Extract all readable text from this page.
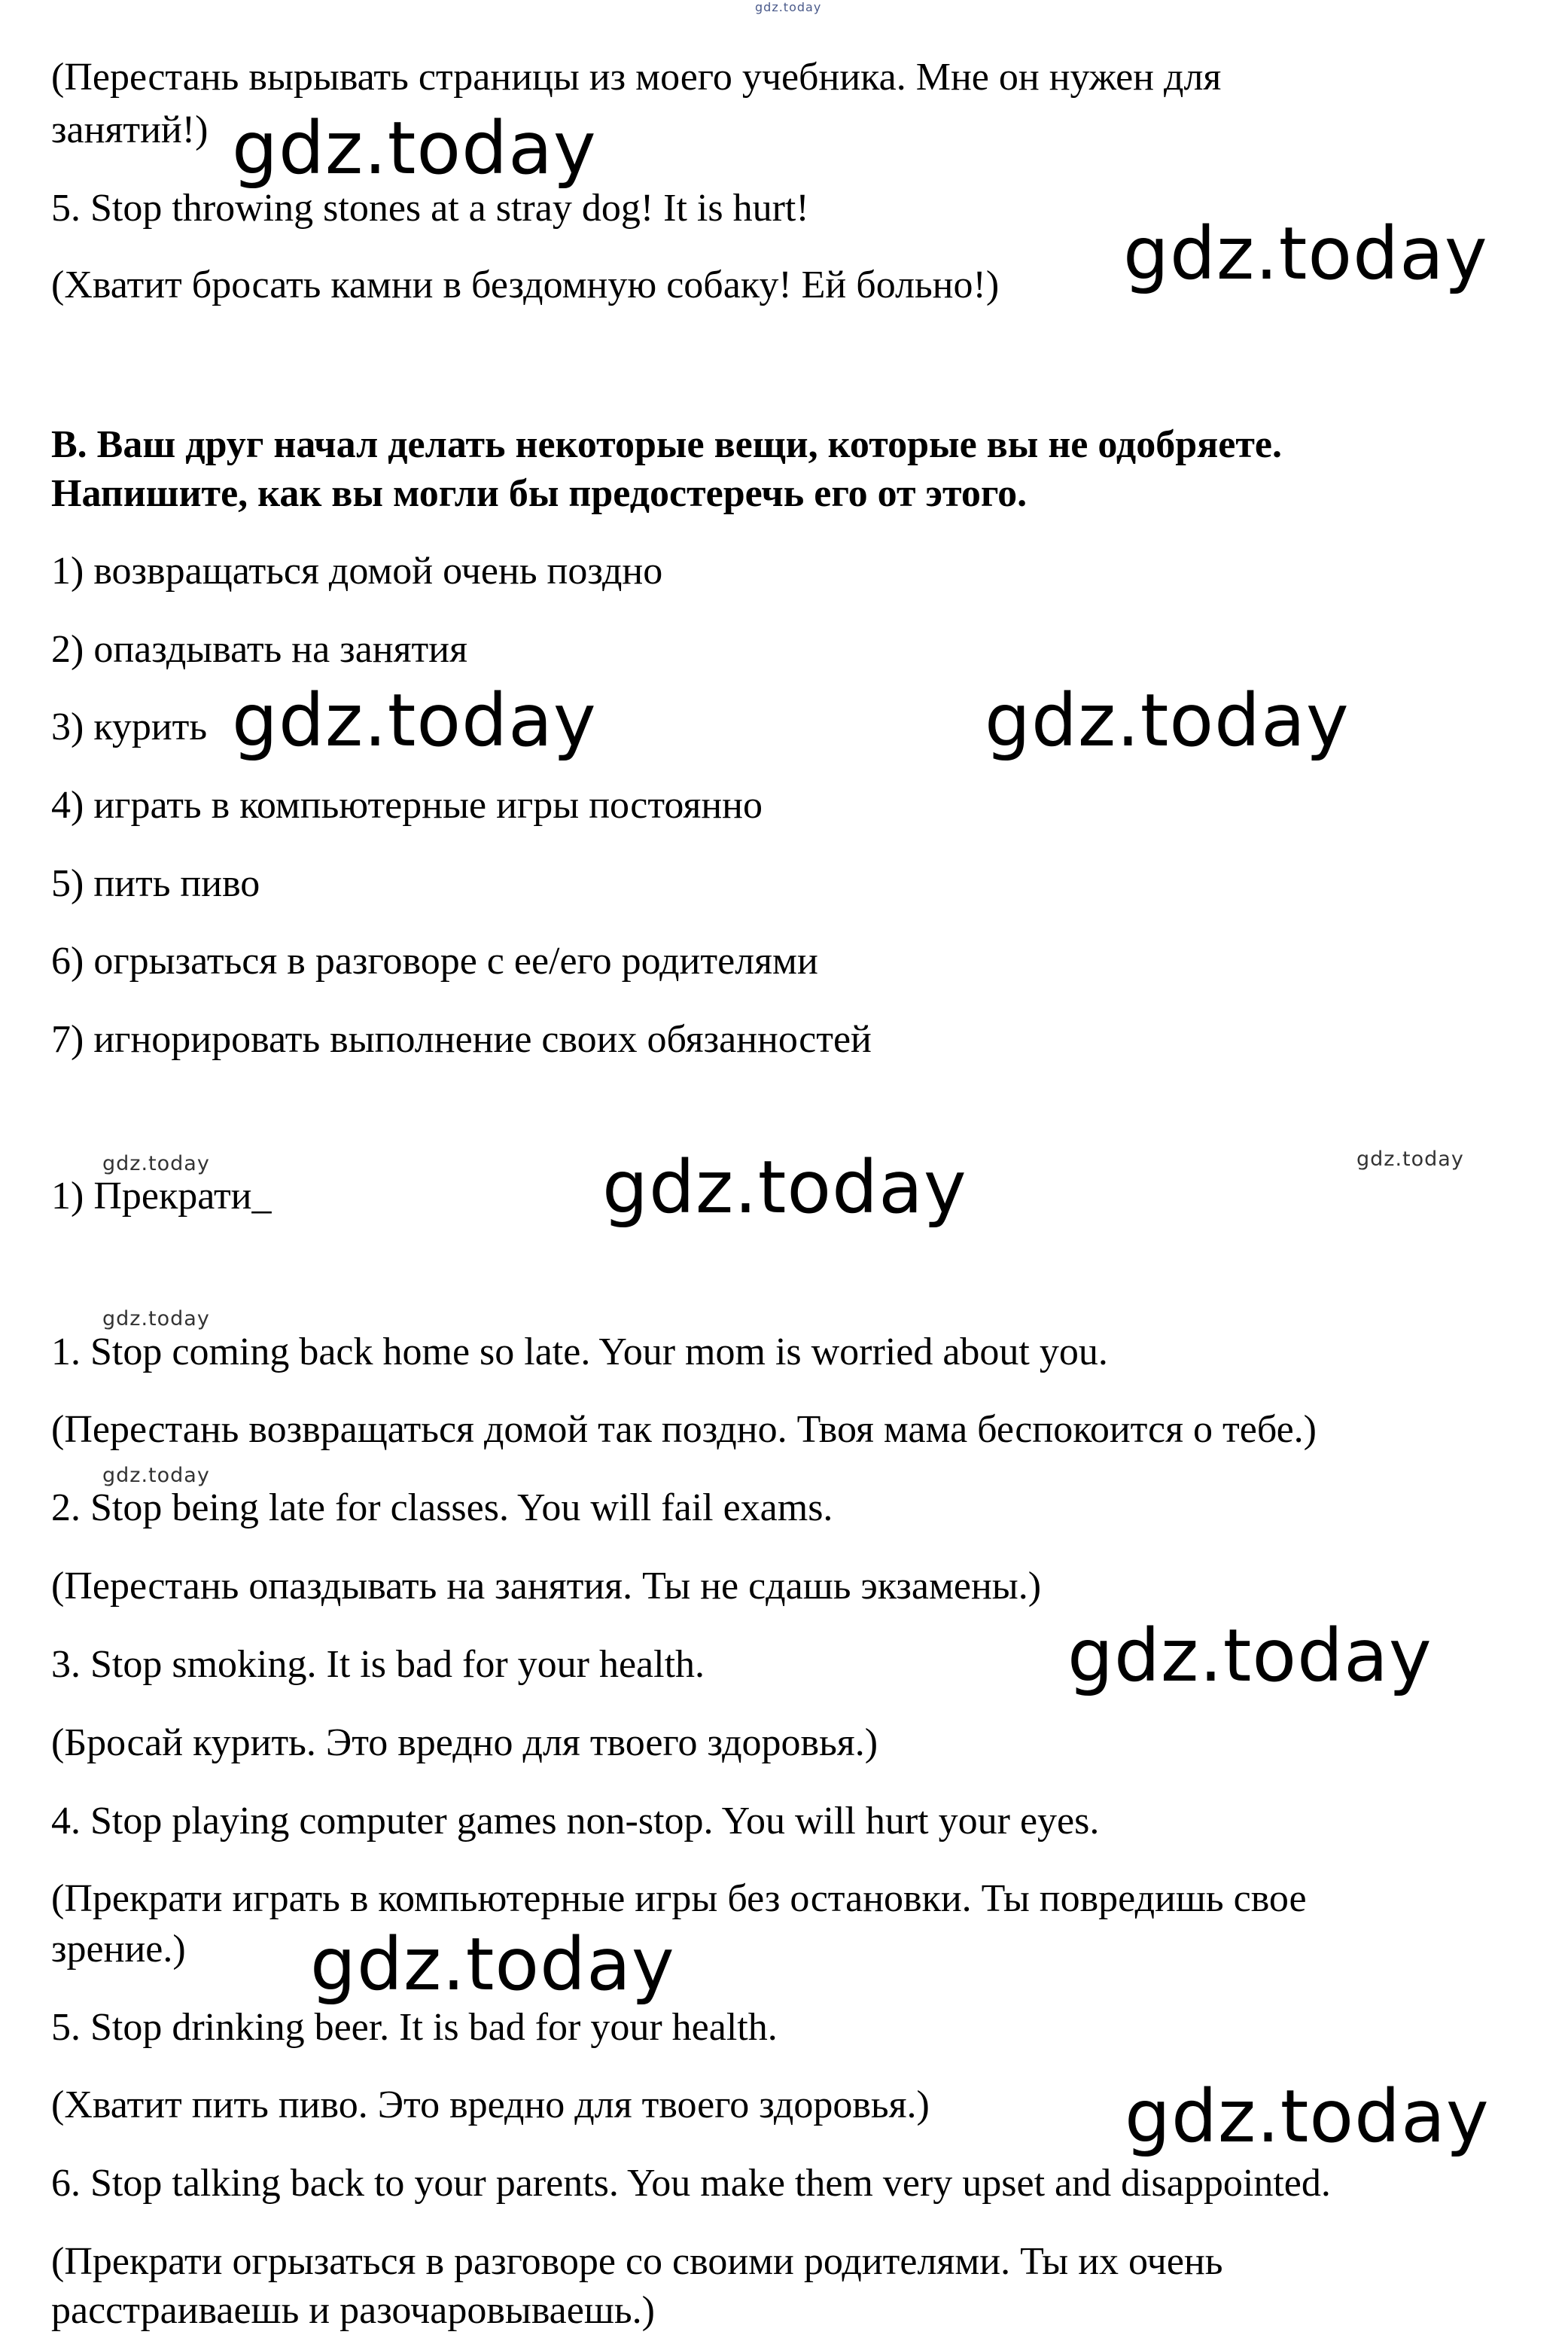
gdz.today

(Перестань вырывать страницы из моего учебника. Мне он нужен для

занятий!) gdz.today

5. Stop throwing stones at a stray dog! It is hurt!

(Хватит бросать камни в бездомную собаку! Ей больно!) gdz.today

B. Ваш друг начал делать некоторые вещи, которые вы не одобряете.

Напишите, как вы могли бы предостеречь его от этого.

1) возвращаться домой очень поздно

2) опаздывать на занятия

3) курить gdz.today	gdz.today

4) играть в компьютерные игры постоянно

5) пить пиво

6) огрызаться в разговоре с ее/его родителями

7) игнорировать выполнение своих обязанностей

gdz.today	gdz.today

1) Прекрати_	gdz.today
gdz.today

1. Stop coming back home so late. Your mom is worried about you.

(Перестань возвращаться домой так поздно. Твоя мама беспокоится о тебе.)

gdz.today

2. Stop being late for classes. You will fail exams.

(Перестань опаздывать на занятия. Ты не сдашь экзамены.)

3. Stop smoking. It is bad for your health.	gdz.today

(Бросай курить. Это вредно для твоего здоровья.)

4. Stop playing computer games non-stop. You will hurt your eyes.

(Прекрати играть в компьютерные игры без остановки. Ты повредишь свое

зрение.) gdz.today

5. Stop drinking beer. It is bad for your health.

(Хватит пить пиво. Это вредно для твоего здоровья.)	gdz.today

6. Stop talking back to your parents. You make them very upset and disappointed.

(Прекрати огрызаться в разговоре со своими родителями. Ты их очень

расстраиваешь и разочаровываешь.)
